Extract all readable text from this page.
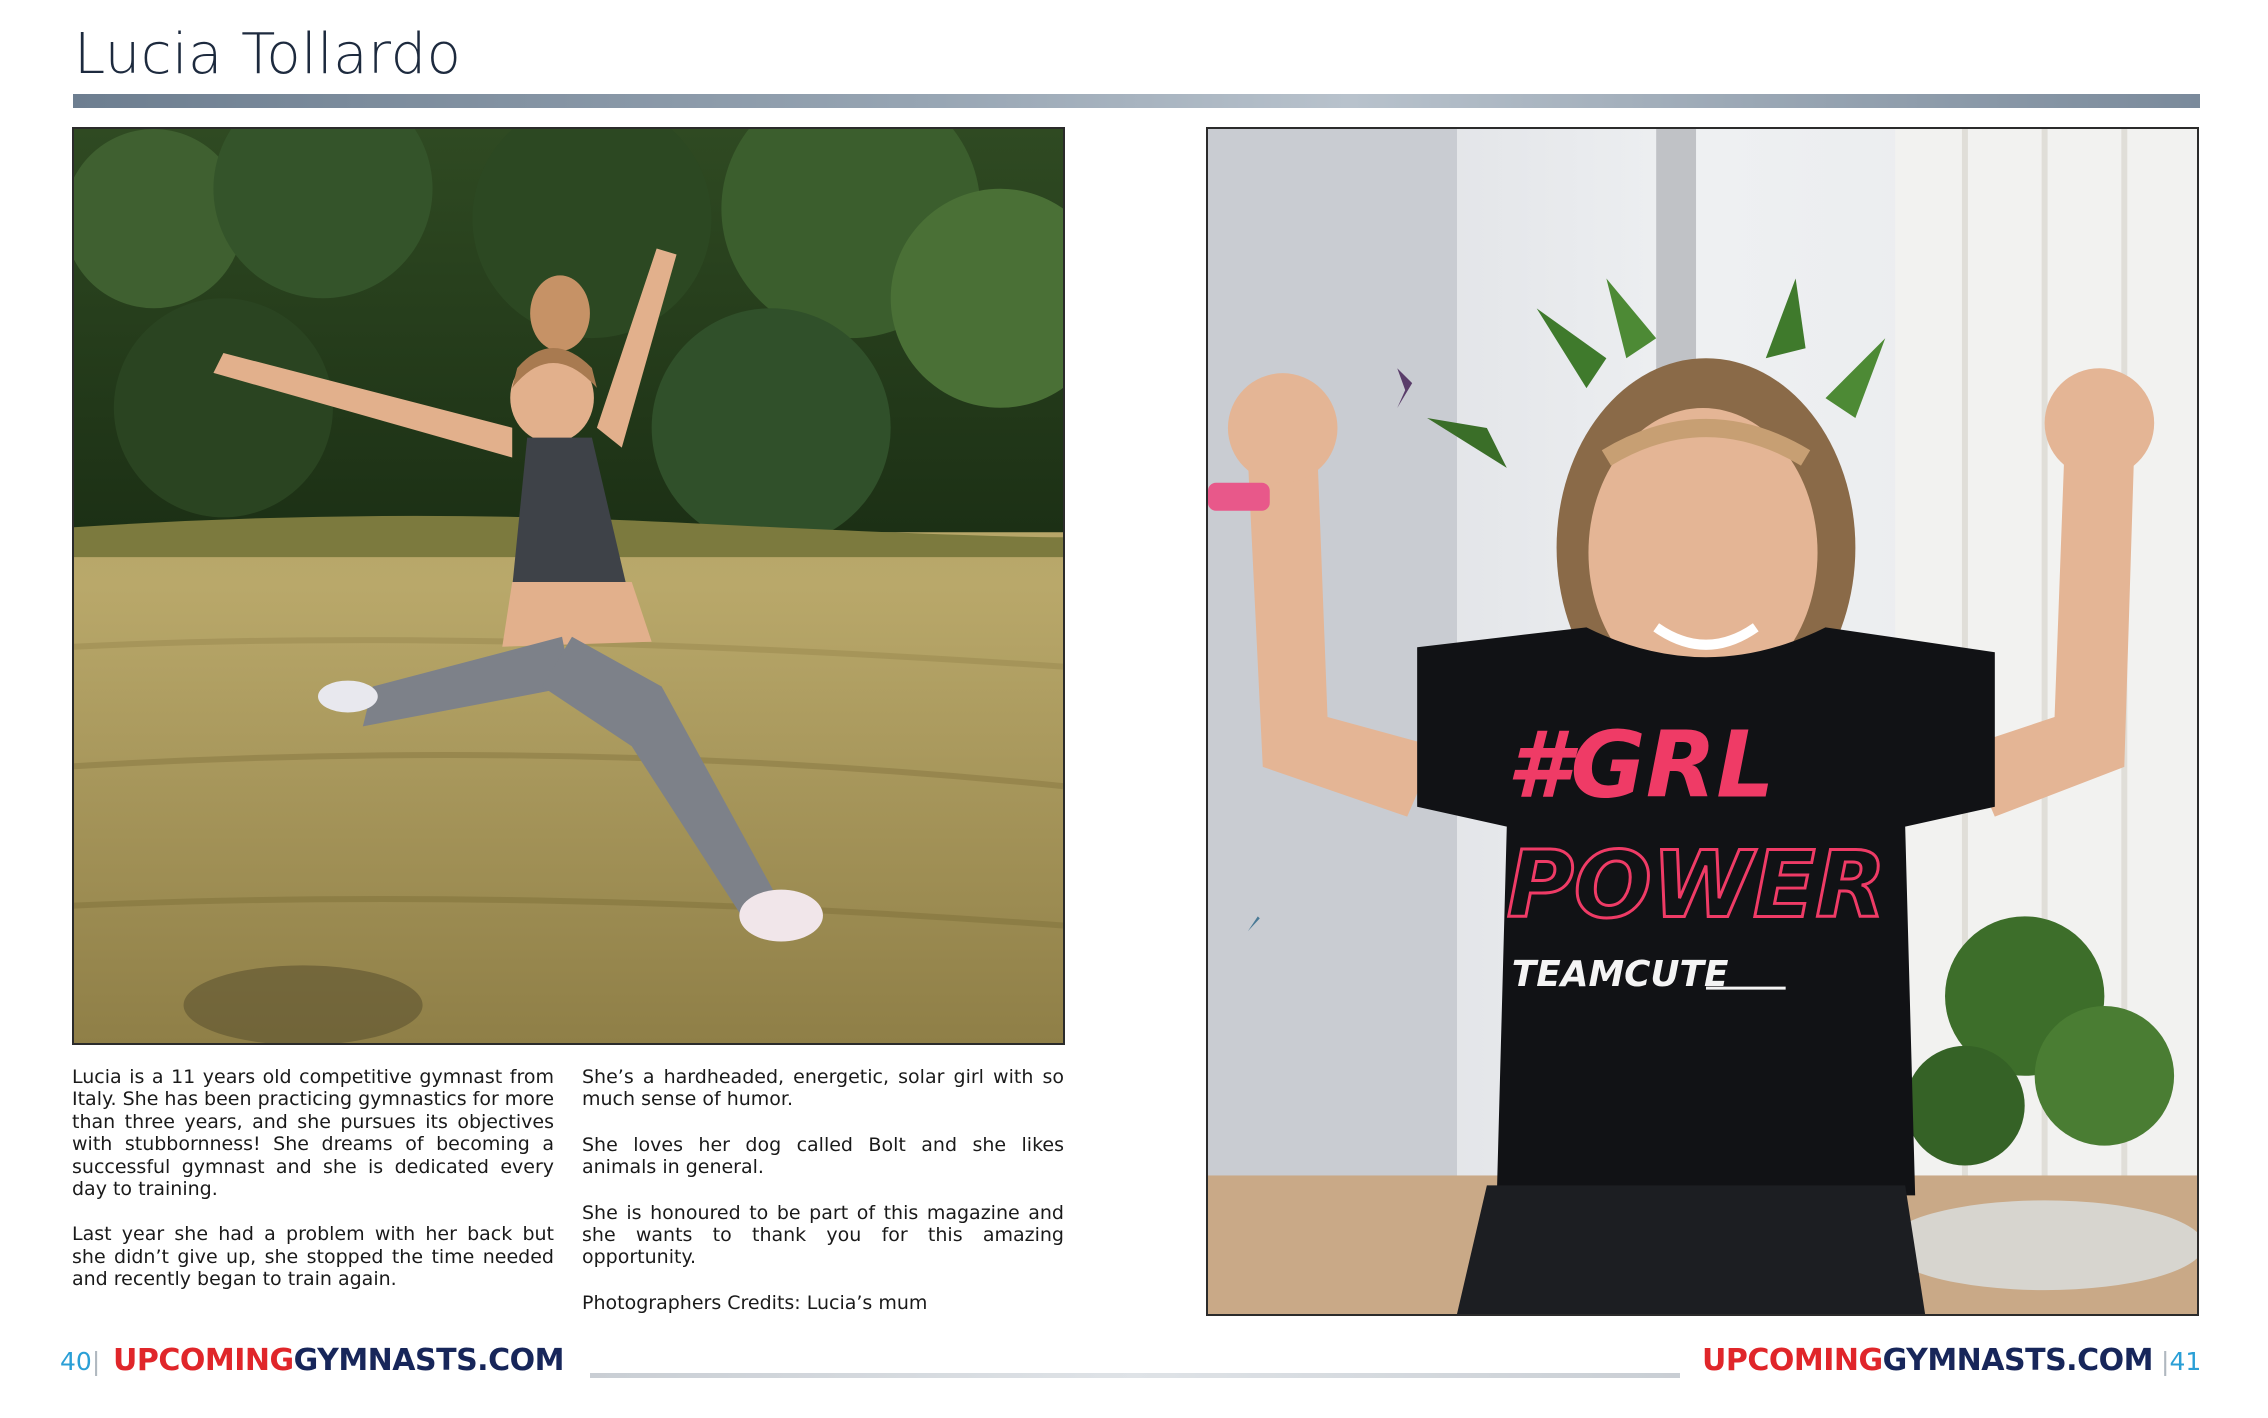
Lucia Tollardo
#GRL
POWER
TEAMCUTE

Lucia is a 11 years old competitive gymnast from Italy. She has been practicing gymnastics for more than three years, and she pursues its objectives with stubbornness! She dreams of becoming a successful gymnast and she is dedicated every day to training.

Last year she had a problem with her back but she didn’t give up, she stopped the time needed and recently began to train again.

She’s a hardheaded, energetic, solar girl with so much sense of humor.

She loves her dog called Bolt and she likes animals in general.

She is honoured to be part of this magazine and she wants to thank you for this amazing opportunity.

Photographers Credits: Lucia’s mum

40| UPCOMINGGYMNASTS.COM	UPCOMINGGYMNASTS.COM |41
